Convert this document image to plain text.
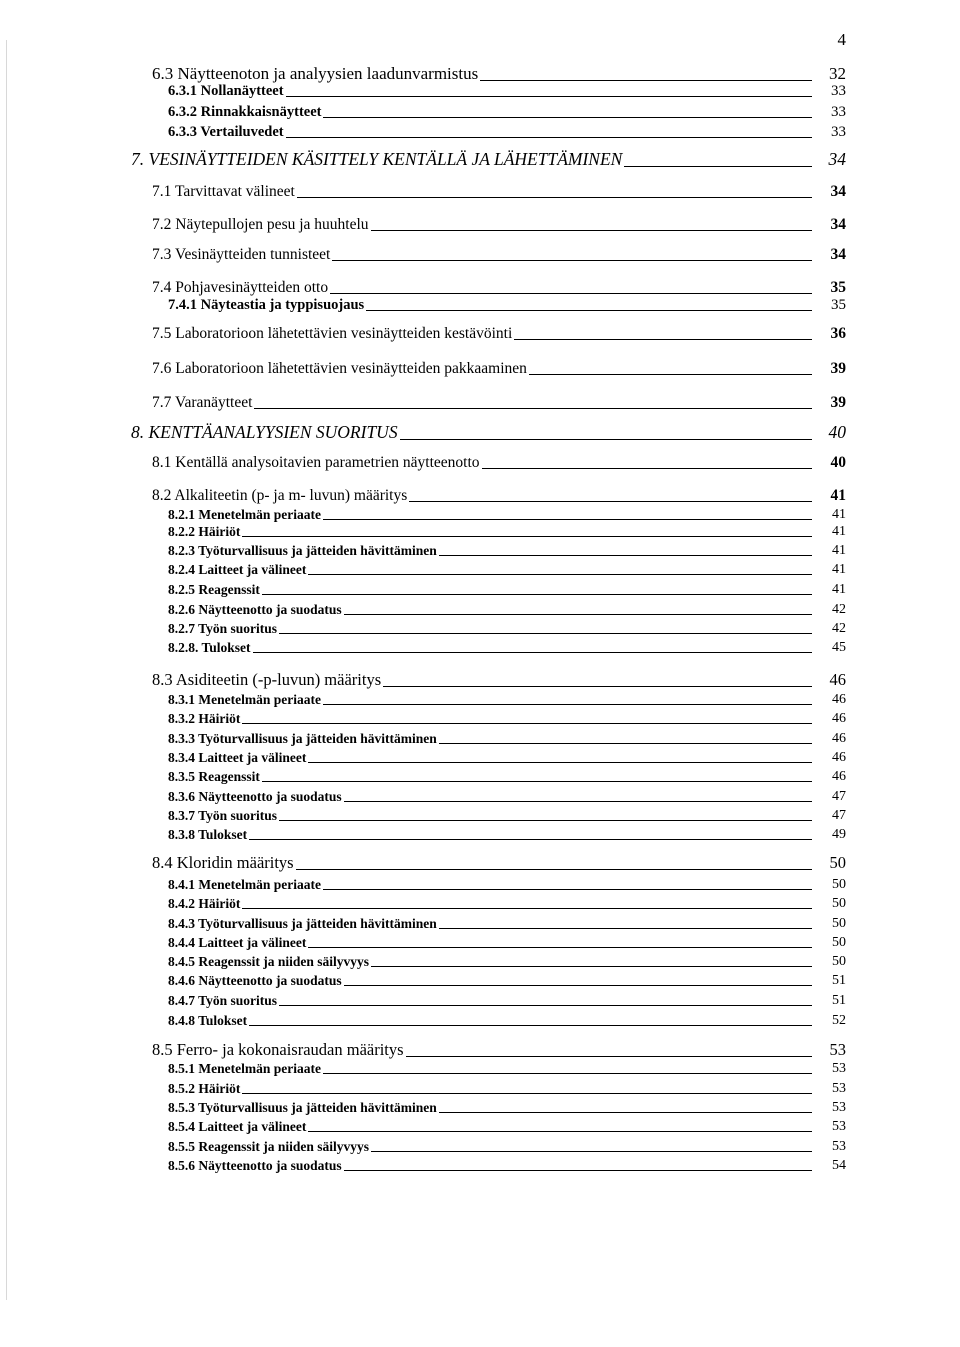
4
6.3 Näytteenoton ja analyysien laadunvarmistus	32
6.3.1 Nollanäytteet	33
6.3.2 Rinnakkaisnäytteet	33
6.3.3 Vertailuvedet	33
7. VESINÄYTTEIDEN KÄSITTELY KENTÄLLÄ JA LÄHETTÄMINEN	34
7.1 Tarvittavat välineet	34
7.2 Näytepullojen pesu ja huuhtelu	34
7.3 Vesinäytteiden tunnisteet	34
7.4 Pohjavesinäytteiden otto	35
7.4.1 Näyteastia ja typpisuojaus	35
7.5 Laboratorioon lähetettävien vesinäytteiden kestävöinti	36
7.6 Laboratorioon lähetettävien vesinäytteiden pakkaaminen	39
7.7 Varanäytteet	39
8. KENTTÄANALYYSIEN SUORITUS	40
8.1 Kentällä analysoitavien parametrien näytteenotto	40
8.2 Alkaliteetin (p- ja m- luvun) määritys	41
8.2.1 Menetelmän periaate	41
8.2.2 Häiriöt	41
8.2.3 Työturvallisuus ja jätteiden hävittäminen	41
8.2.4 Laitteet ja välineet	41
8.2.5 Reagenssit	41
8.2.6 Näytteenotto ja suodatus	42
8.2.7 Työn suoritus	42
8.2.8. Tulokset	45
8.3 Asiditeetin (-p-luvun) määritys	46
8.3.1 Menetelmän periaate	46
8.3.2 Häiriöt	46
8.3.3 Työturvallisuus ja jätteiden hävittäminen	46
8.3.4 Laitteet ja välineet	46
8.3.5 Reagenssit	46
8.3.6 Näytteenotto ja suodatus	47
8.3.7 Työn suoritus	47
8.3.8 Tulokset	49
8.4 Kloridin määritys	50
8.4.1 Menetelmän periaate	50
8.4.2 Häiriöt	50
8.4.3 Työturvallisuus ja jätteiden hävittäminen	50
8.4.4 Laitteet ja välineet	50
8.4.5 Reagenssit ja niiden säilyvyys	50
8.4.6 Näytteenotto ja suodatus	51
8.4.7 Työn suoritus	51
8.4.8 Tulokset	52
8.5 Ferro- ja kokonaisraudan määritys	53
8.5.1 Menetelmän periaate	53
8.5.2 Häiriöt	53
8.5.3 Työturvallisuus ja jätteiden hävittäminen	53
8.5.4 Laitteet ja välineet	53
8.5.5 Reagenssit ja niiden säilyvyys	53
8.5.6 Näytteenotto ja suodatus	54
